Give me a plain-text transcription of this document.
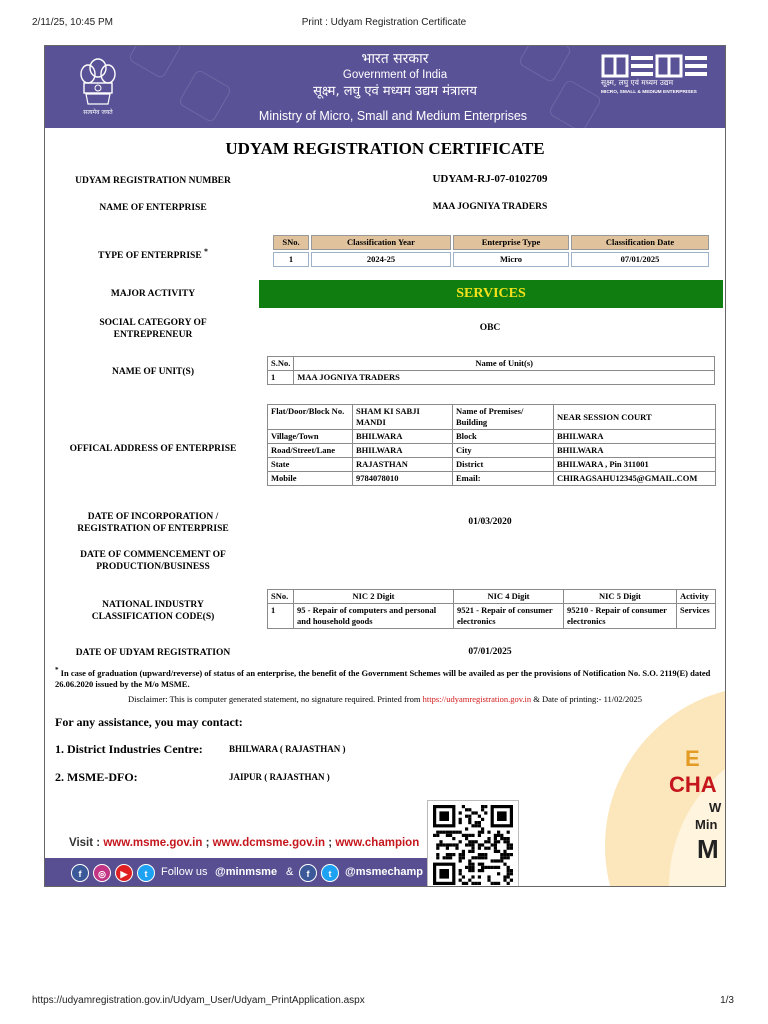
2/11/25, 10:45 PM	Print : Udyam Registration Certificate
सत्यमेव जयते
भारत सरकार
Government of India
सूक्ष्म, लघु एवं मध्यम उद्यम मंत्रालय
Ministry of Micro, Small and Medium Enterprises
सूक्ष्म, लघु एवं मध्यम उद्यम
MICRO, SMALL & MEDIUM ENTERPRISES
UDYAM REGISTRATION CERTIFICATE
UDYAM REGISTRATION NUMBER	UDYAM-RJ-07-0102709
NAME OF ENTERPRISE	MAA JOGNIYA TRADERS
TYPE OF ENTERPRISE *
SNo.	Classification Year	Enterprise Type	Classification Date
1	2024-25	Micro	07/01/2025
MAJOR ACTIVITY	SERVICES
SOCIAL CATEGORY OF
ENTREPRENEUR
OBC
NAME OF UNIT(S)
S.No.	Name of Unit(s)
1	MAA JOGNIYA TRADERS
OFFICAL ADDRESS OF ENTERPRISE
Flat/Door/Block No.	SHAM KI SABJI MANDI	Name of Premises/ Building	NEAR SESSION COURT
Village/Town	BHILWARA	Block	BHILWARA
Road/Street/Lane	BHILWARA	City	BHILWARA
State	RAJASTHAN	District	BHILWARA , Pin 311001
Mobile	9784078010	Email:	CHIRAGSAHU12345@GMAIL.COM
DATE OF INCORPORATION /
REGISTRATION OF ENTERPRISE
01/03/2020
DATE OF COMMENCEMENT OF
PRODUCTION/BUSINESS
NATIONAL INDUSTRY
CLASSIFICATION CODE(S)
SNo.	NIC 2 Digit	NIC 4 Digit	NIC 5 Digit	Activity
1	95 - Repair of computers and personal and household goods	9521 - Repair of consumer electronics	95210 - Repair of consumer electronics	Services
DATE OF UDYAM REGISTRATION	07/01/2025
* In case of graduation (upward/reverse) of status of an enterprise, the benefit of the Government Schemes will be availed as per the provisions of Notification No. S.O. 2119(E) dated 26.06.2020 issued by the M/o MSME.
Disclaimer: This is computer generated statement, no signature required. Printed from https://udyamregistration.gov.in & Date of printing:- 11/02/2025
E
CHA
W
Min
M
For any assistance, you may contact:
1. District Industries Centre:	BHILWARA ( RAJASTHAN )
2. MSME-DFO:	JAIPUR ( RAJASTHAN )
Visit : www.msme.gov.in ; www.dcmsme.gov.in ; www.champion
f	◎	▶	t	Follow us @minmsme &	f	t	@msmechamp
https://udyamregistration.gov.in/Udyam_User/Udyam_PrintApplication.aspx	1/3
